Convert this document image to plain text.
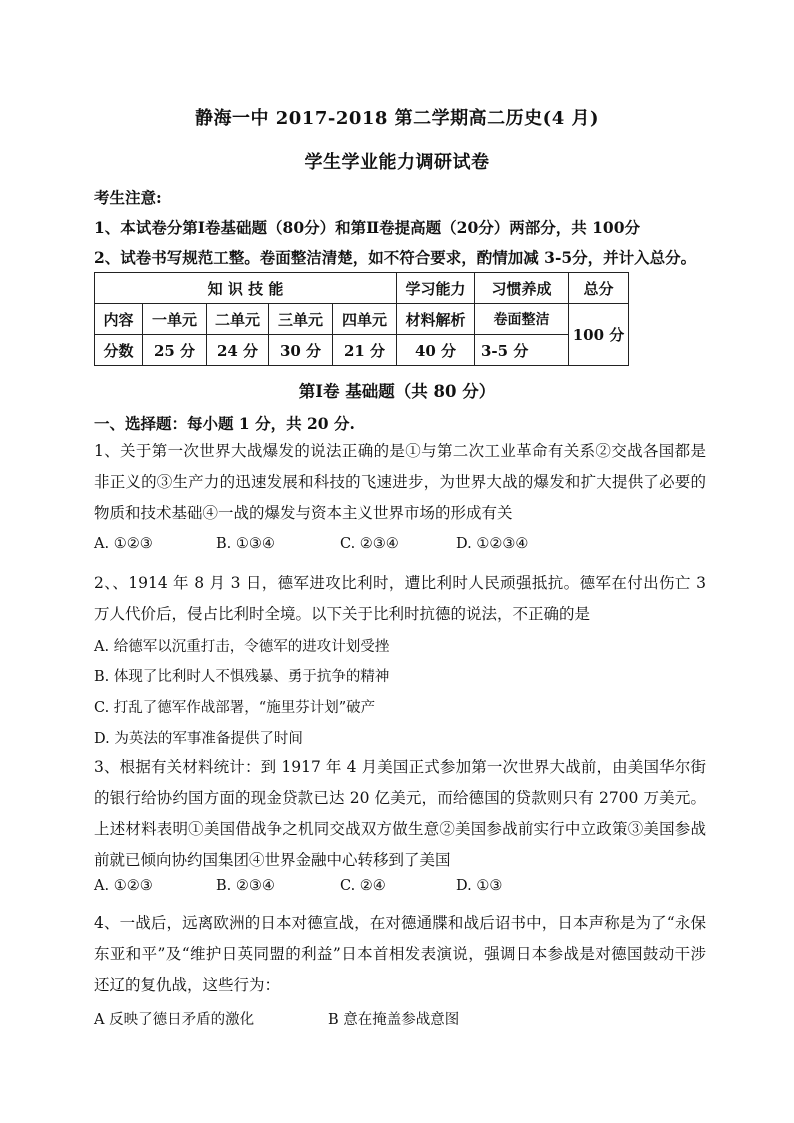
静海一中 2017-2018 第二学期高二历史(4 月)
学生学业能力调研试卷
考生注意:
1、本试卷分第Ⅰ卷基础题（80分）和第Ⅱ卷提高题（20分）两部分，共 100分
2、试卷书写规范工整。卷面整洁清楚，如不符合要求，酌情加减 3-5分，并计入总分。
知 识 技 能					学习能力	习惯养成	总分
内容	一单元	二单元	三单元	四单元	材料解析	卷面整洁	100 分
分数	25 分	24 分	30 分	21 分	40 分	3-5 分	
第Ⅰ卷 基础题（共 80 分）
一、选择题：每小题 1 分，共 20 分.
1、关于第一次世界大战爆发的说法正确的是①与第二次工业革命有关系②交战各国都是非正义的③生产力的迅速发展和科技的飞速进步，为世界大战的爆发和扩大提供了必要的物质和技术基础④一战的爆发与资本主义世界市场的形成有关
A. ①②③	B. ①③④	C. ②③④	D. ①②③④
2、、1914 年 8 月 3 日，德军进攻比利时，遭比利时人民顽强抵抗。德军在付出伤亡 3 万人代价后，侵占比利时全境。以下关于比利时抗德的说法，不正确的是
A. 给德军以沉重打击，令德军的进攻计划受挫
B. 体现了比利时人不惧残暴、勇于抗争的精神
C. 打乱了德军作战部署，“施里芬计划”破产
D. 为英法的军事准备提供了时间
3、根据有关材料统计：到 1917 年 4 月美国正式参加第一次世界大战前，由美国华尔街的银行给协约国方面的现金贷款已达 20 亿美元，而给德国的贷款则只有 2700 万美元。上述材料表明①美国借战争之机同交战双方做生意②美国参战前实行中立政策③美国参战前就已倾向协约国集团④世界金融中心转移到了美国
A. ①②③	B. ②③④	C. ②④	D. ①③
4、一战后，远离欧洲的日本对德宣战，在对德通牒和战后诏书中，日本声称是为了“永保东亚和平”及“维护日英同盟的利益”日本首相发表演说，强调日本参战是对德国鼓动干涉还辽的复仇战，这些行为：
A 反映了德日矛盾的激化	B 意在掩盖参战意图
